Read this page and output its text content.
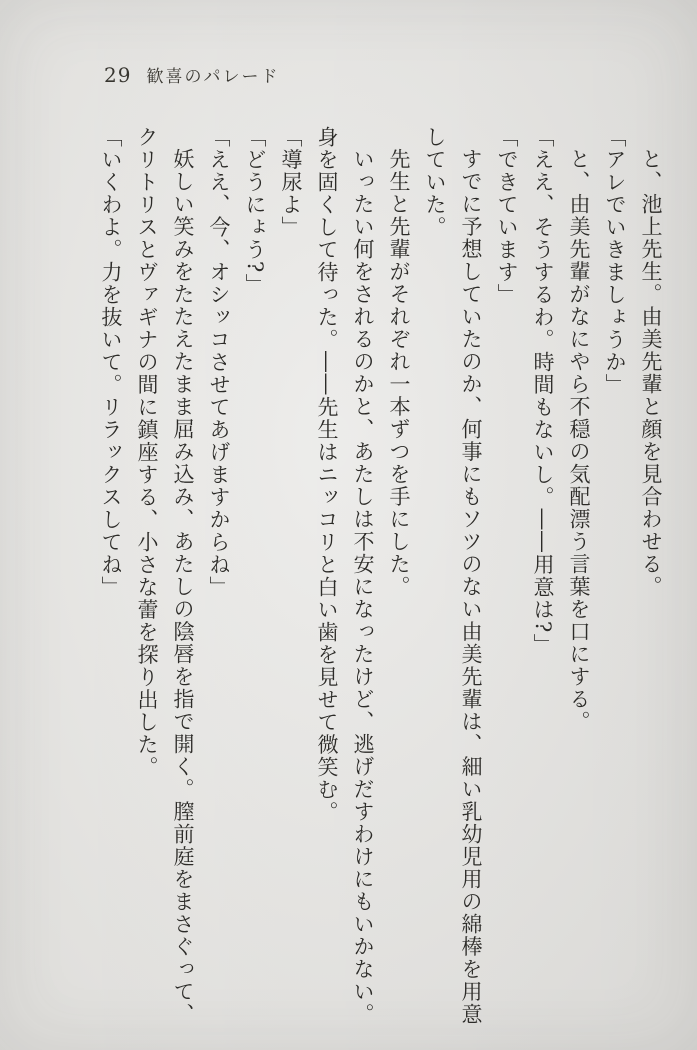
29 歓喜のパレード

と、池上先生。由美先輩と顔を見合わせる。

「アレでいきましょうか」

と、由美先輩がなにやら不穏の気配漂う言葉を口にする。

「ええ、そうするわ。時間もないし。――用意は?」

「できています」

すでに予想していたのか、何事にもソツのない由美先輩は、細い乳幼児用の綿棒を用意

していた。

先生と先輩がそれぞれ一本ずつを手にした。

いったい何をされるのかと、あたしは不安になったけど、逃げだすわけにもいかない。

身を固くして待った。――先生はニッコリと白い歯を見せて微笑む。

「導尿よ」

「どうにょう?」

「ええ、今、オシッコさせてあげますからね」

妖しい笑みをたたえたまま屈み込み、あたしの陰唇を指で開く。膣前庭をまさぐって、

クリトリスとヴァギナの間に鎮座する、小さな蕾を探り出した。

「いくわよ。力を抜いて。リラックスしてね」
